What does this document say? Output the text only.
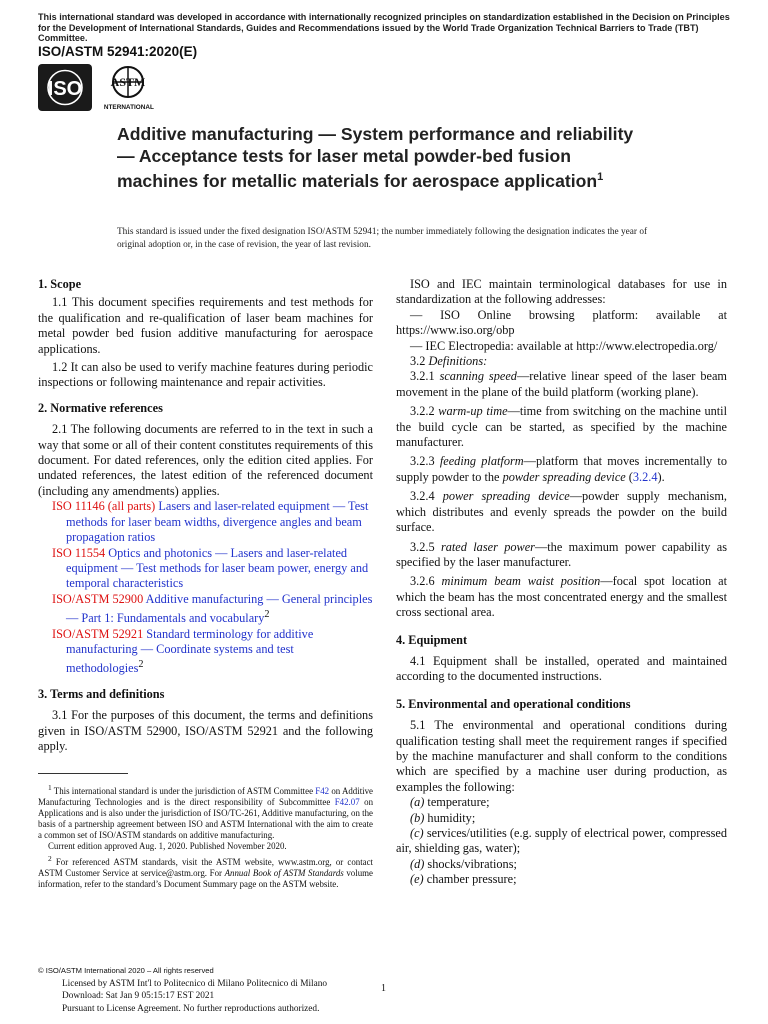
This international standard was developed in accordance with internationally recognized principles on standardization established in the Decision on Principles for the Development of International Standards, Guides and Recommendations issued by the World Trade Organization Technical Barriers to Trade (TBT) Committee.
ISO/ASTM 52941:2020(E)
ISO ASTM
INTERNATIONAL
Additive manufacturing — System performance and reliability — Acceptance tests for laser metal powder-bed fusion machines for metallic materials for aerospace application$^1$
This standard is issued under the fixed designation ISO/ASTM 52941; the number immediately following the designation indicates the year of original adoption or, in the case of revision, the year of last revision.
1. Scope

1.1 This document specifies requirements and test methods for the qualification and re-qualification of laser beam machines for metal powder bed fusion additive manufacturing for aerospace applications.

1.2 It can also be used to verify machine features during periodic inspections or following maintenance and repair activities.

2. Normative references

2.1 The following documents are referred to in the text in such a way that some or all of their content constitutes requirements of this document. For dated references, only the edition cited applies. For undated references, the latest edition of the referenced document (including any amendments) applies.

ISO 11146 (all parts) Lasers and laser-related equipment — Test methods for laser beam widths, divergence angles and beam propagation ratios
ISO 11554 Optics and photonics — Lasers and laser-related equipment — Test methods for laser beam power, energy and temporal characteristics
ISO/ASTM 52900 Additive manufacturing — General principles — Part 1: Fundamentals and vocabulary$^2$
ISO/ASTM 52921 Standard terminology for additive manufacturing — Coordinate systems and test methodologies$^2$
3. Terms and definitions

3.1 For the purposes of this document, the terms and definitions given in ISO/ASTM 52900, ISO/ASTM 52921 and the following apply.

$^1$ This international standard is under the jurisdiction of ASTM Committee F42 on Additive Manufacturing Technologies and is the direct responsibility of Subcommittee F42.07 on Applications and is also under the jurisdiction of ISO/TC-261, Additive manufacturing, on the basis of a partnership agreement between ISO and ASTM International with the aim to create a common set of ISO/ASTM standards on additive manufacturing.

Current edition approved Aug. 1, 2020. Published November 2020.

$^2$ For referenced ASTM standards, visit the ASTM website, www.astm.org, or contact ASTM Customer Service at service@astm.org. For Annual Book of ASTM Standards volume information, refer to the standard’s Document Summary page on the ASTM website.

ISO and IEC maintain terminological databases for use in standardization at the following addresses:

— ISO Online browsing platform: available at https://www.iso.org/obp

— IEC Electropedia: available at http://www.electropedia.org/

3.2 Definitions:

3.2.1 scanning speed—relative linear speed of the laser beam movement in the plane of the build platform (working plane).

3.2.2 warm-up time—time from switching on the machine until the build cycle can be started, as specified by the machine manufacturer.

3.2.3 feeding platform—platform that moves incrementally to supply powder to the powder spreading device (3.2.4).

3.2.4 power spreading device—powder supply mechanism, which distributes and evenly spreads the powder on the build surface.

3.2.5 rated laser power—the maximum power capability as specified by the laser manufacturer.

3.2.6 minimum beam waist position—focal spot location at which the beam has the most concentrated energy and the smallest cross sectional area.

4. Equipment

4.1 Equipment shall be installed, operated and maintained according to the documented instructions.

5. Environmental and operational conditions

5.1 The environmental and operational conditions during qualification testing shall meet the requirement ranges if specified by the machine manufacturer and shall conform to the conditions which are specified by a machine user during production, as examples the following:

(a) temperature;

(b) humidity;

(c) services/utilities (e.g. supply of electrical power, compressed air, shielding gas, water);

(d) shocks/vibrations;

(e) chamber pressure;

© ISO/ASTM International 2020 – All rights reserved
Licensed by ASTM Int'l to Politecnico di Milano Politecnico di Milano
Download: Sat Jan 9 05:15:17 EST 2021
Pursuant to License Agreement. No further reproductions authorized.
1
